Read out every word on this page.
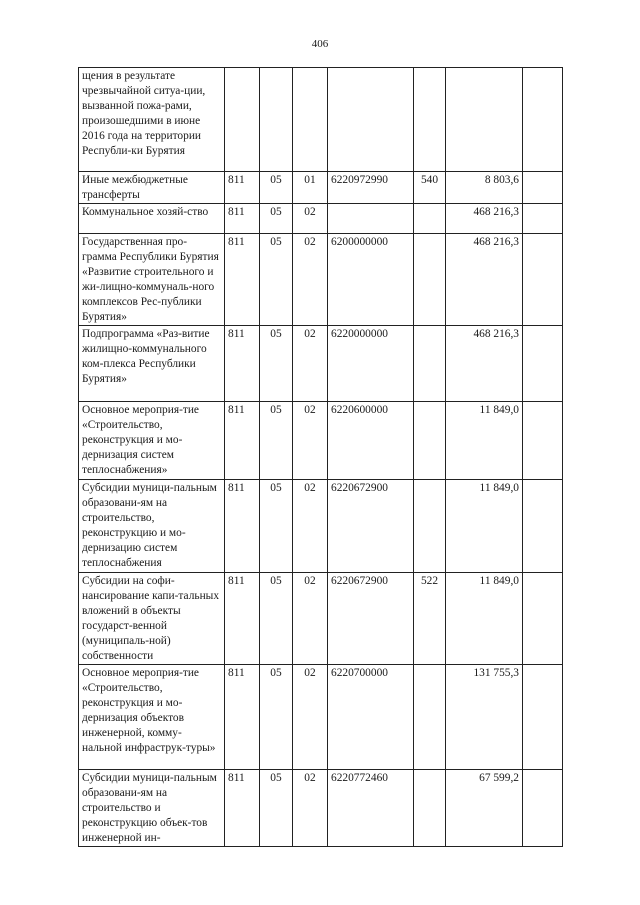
406
щения в результате чрезвычайной ситуа-ции, вызванной пожа-рами, произошедшими в июне 2016 года на территории Республи-ки Бурятия							
Иные межбюджетные трансферты	811	05	01	6220972990	540	8 803,6	
Коммунальное хозяй-ство	811	05	02			468 216,3	
Государственная про-грамма Республики Бурятия «Развитие строительного и жи-лищно-коммуналь-ного комплексов Рес-публики Бурятия»	811	05	02	6200000000		468 216,3	
Подпрограмма «Раз-витие жилищно-коммунального ком-плекса Республики Бурятия»	811	05	02	6220000000		468 216,3	
Основное мероприя-тие «Строительство, реконструкция и мо-дернизация систем теплоснабжения»	811	05	02	6220600000		11 849,0	
Субсидии муници-пальным образовани-ям на строительство, реконструкцию и мо-дернизацию систем теплоснабжения	811	05	02	6220672900		11 849,0	
Субсидии на софи-нансирование капи-тальных вложений в объекты государст-венной (муниципаль-ной) собственности	811	05	02	6220672900	522	11 849,0	
Основное мероприя-тие «Строительство, реконструкция и мо-дернизация объектов инженерной, комму-нальной инфраструк-туры»	811	05	02	6220700000		131 755,3	
Субсидии муници-пальным образовани-ям на строительство и реконструкцию объек-тов инженерной ин-	811	05	02	6220772460		67 599,2	
